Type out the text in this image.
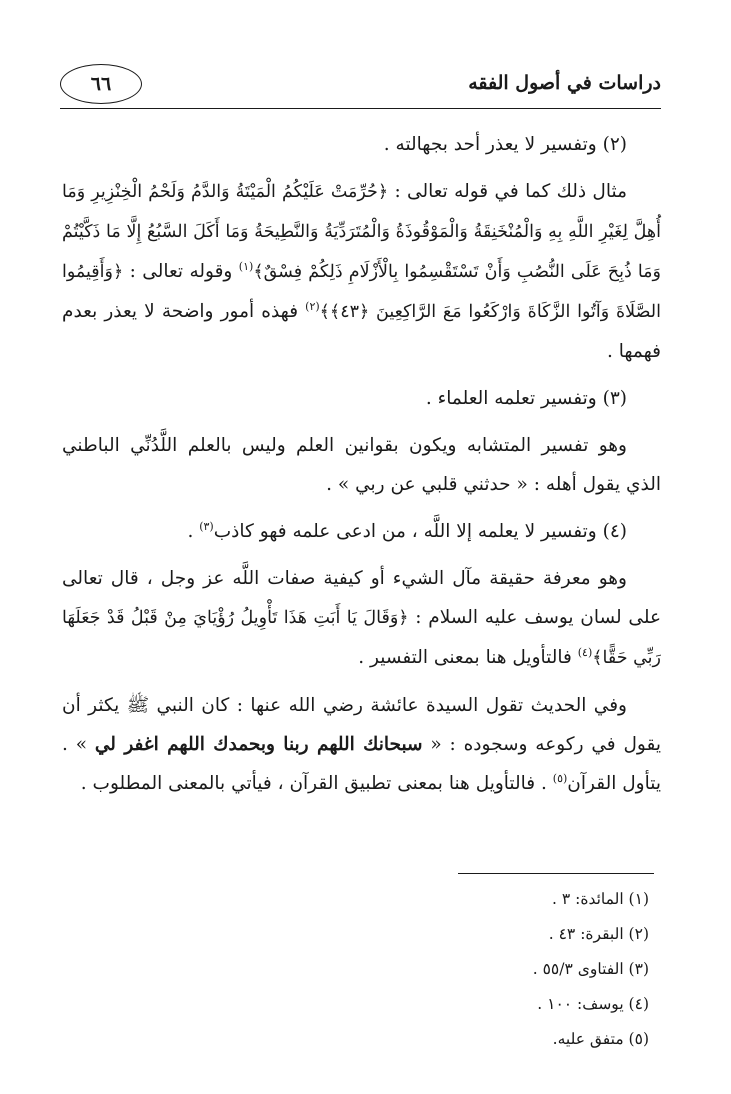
دراسات في أصول الفقه
٦٦

(٢) وتفسير لا يعذر أحد بجهالته .

مثال ذلك كما في قوله تعالى : ﴿حُرِّمَتْ عَلَيْكُمُ الْمَيْتَةُ وَالدَّمُ وَلَحْمُ الْخِنْزِيرِ وَمَا أُهِلَّ لِغَيْرِ اللَّهِ بِهِ وَالْمُنْخَنِقَةُ وَالْمَوْقُوذَةُ وَالْمُتَرَدِّيَةُ وَالنَّطِيحَةُ وَمَا أَكَلَ السَّبُعُ إِلَّا مَا ذَكَّيْتُمْ وَمَا ذُبِحَ عَلَى النُّصُبِ وَأَنْ تَسْتَقْسِمُوا بِالْأَزْلَامِ ذَلِكُمْ فِسْقٌ﴾$^{(١)}$ وقوله تعالى : ﴿وَأَقِيمُوا الصَّلَاةَ وَآتُوا الزَّكَاةَ وَارْكَعُوا مَعَ الرَّاكِعِينَ ﴿٤٣﴾﴾$^{(٢)}$ فهذه أمور واضحة لا يعذر بعدم فهمها .

(٣) وتفسير تعلمه العلماء .

وهو تفسير المتشابه ويكون بقوانين العلم وليس بالعلم اللَّدُنِّي الباطني الذي يقول أهله : « حدثني قلبي عن ربي » .

(٤) وتفسير لا يعلمه إلا اللَّه ، من ادعى علمه فهو كاذب$^{(٣)}$ .

وهو معرفة حقيقة مآل الشيء أو كيفية صفات اللَّه عز وجل ، قال تعالى على لسان يوسف عليه السلام : ﴿وَقَالَ يَا أَبَتِ هَذَا تَأْوِيلُ رُؤْيَايَ مِنْ قَبْلُ قَدْ جَعَلَهَا رَبِّي حَقًّا﴾$^{(٤)}$ فالتأويل هنا بمعنى التفسير .

وفي الحديث تقول السيدة عائشة رضي الله عنها : كان النبي ﷺ يكثر أن يقول في ركوعه وسجوده : « سبحانك اللهم ربنا وبحمدك اللهم اغفر لي » . يتأول القرآن$^{(٥)}$ . فالتأويل هنا بمعنى تطبيق القرآن ، فيأتي بالمعنى المطلوب .

(١) المائدة: ٣ .
(٢) البقرة: ٤٣ .
(٣) الفتاوى ٥٥/٣ .
(٤) يوسف: ١٠٠ .
(٥) متفق عليه.
